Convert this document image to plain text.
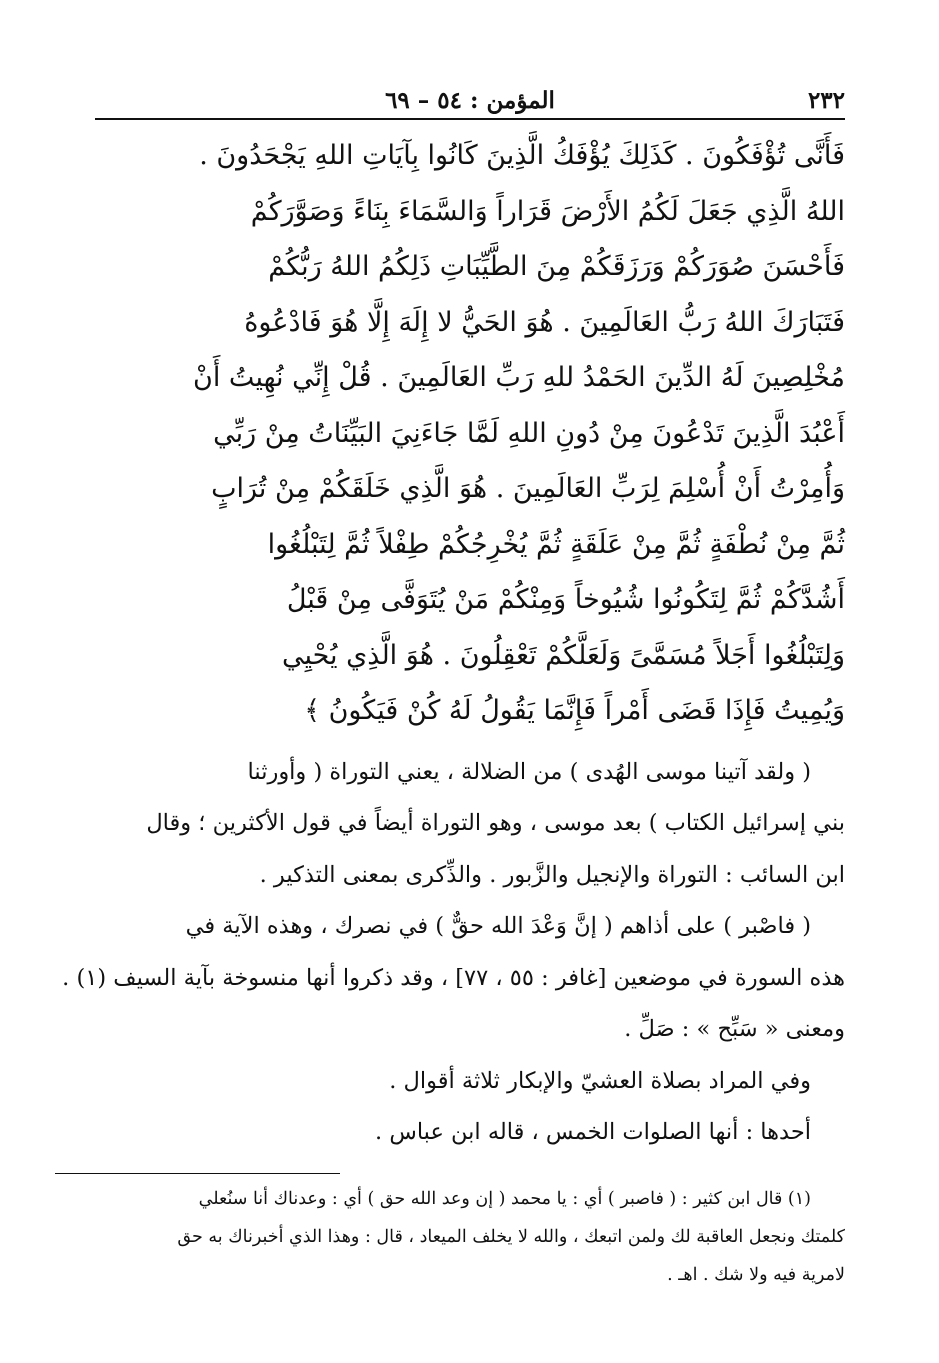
المؤمن : ٥٤ – ٦٩	٢٣٢
فَأَنَّى تُؤْفَكُونَ . كَذَلِكَ يُؤْفَكُ الَّذِينَ كَانُوا بِآيَاتِ اللهِ يَجْحَدُونَ .
اللهُ الَّذِي جَعَلَ لَكُمُ الأَرْضَ قَرَاراً وَالسَّمَاءَ بِنَاءً وَصَوَّرَكُمْ
فَأَحْسَنَ صُوَرَكُمْ وَرَزَقَكُمْ مِنَ الطَّيِّبَاتِ ذَلِكُمُ اللهُ رَبُّكُمْ
فَتَبَارَكَ اللهُ رَبُّ العَالَمِينَ . هُوَ الحَيُّ لا إِلَهَ إِلَّا هُوَ فَادْعُوهُ
مُخْلِصِينَ لَهُ الدِّينَ الحَمْدُ للهِ رَبِّ العَالَمِينَ . قُلْ إِنِّي نُهِيتُ أَنْ
أَعْبُدَ الَّذِينَ تَدْعُونَ مِنْ دُونِ اللهِ لَمَّا جَاءَنِيَ البَيِّنَاتُ مِنْ رَبِّي
وَأُمِرْتُ أَنْ أُسْلِمَ لِرَبِّ العَالَمِينَ . هُوَ الَّذِي خَلَقَكُمْ مِنْ تُرَابٍ
ثُمَّ مِنْ نُطْفَةٍ ثُمَّ مِنْ عَلَقَةٍ ثُمَّ يُخْرِجُكُمْ طِفْلاً ثُمَّ لِتَبْلُغُوا
أَشُدَّكُمْ ثُمَّ لِتَكُونُوا شُيُوخاً وَمِنْكُمْ مَنْ يُتَوَفَّى مِنْ قَبْلُ
وَلِتَبْلُغُوا أَجَلاً مُسَمَّىً وَلَعَلَّكُمْ تَعْقِلُونَ . هُوَ الَّذِي يُحْيِي
وَيُمِيتُ فَإِذَا قَضَى أَمْراً فَإِنَّمَا يَقُولُ لَهُ كُنْ فَيَكُونُ ﴾
( ولقد آتينا موسى الهُدى ) من الضلالة ، يعني التوراة ( وأورثنا
بني إسرائيل الكتاب ) بعد موسى ، وهو التوراة أيضاً في قول الأكثرين ؛ وقال
ابن السائب : التوراة والإنجيل والزَّبور . والذِّكرى بمعنى التذكير .
( فاصْبر ) على أذاهم ( إنَّ وَعْدَ الله حقٌّ ) في نصرك ، وهذه الآية في
هذه السورة في موضعين [غافر : ٥٥ ، ٧٧] ، وقد ذكروا أنها منسوخة بآية السيف (١) .
ومعنى « سَبِّح » : صَلِّ .
وفي المراد بصلاة العشيّ والإبكار ثلاثة أقوال .
أحدها : أنها الصلوات الخمس ، قاله ابن عباس .
(١) قال ابن كثير : ( فاصبر ) أي : يا محمد ( إن وعد الله حق ) أي : وعدناك أنا سنُعلي
كلمتك ونجعل العاقبة لك ولمن اتبعك ، والله لا يخلف الميعاد ، قال : وهذا الذي أخبرناك به حق
لامرية فيه ولا شك . اهـ .
